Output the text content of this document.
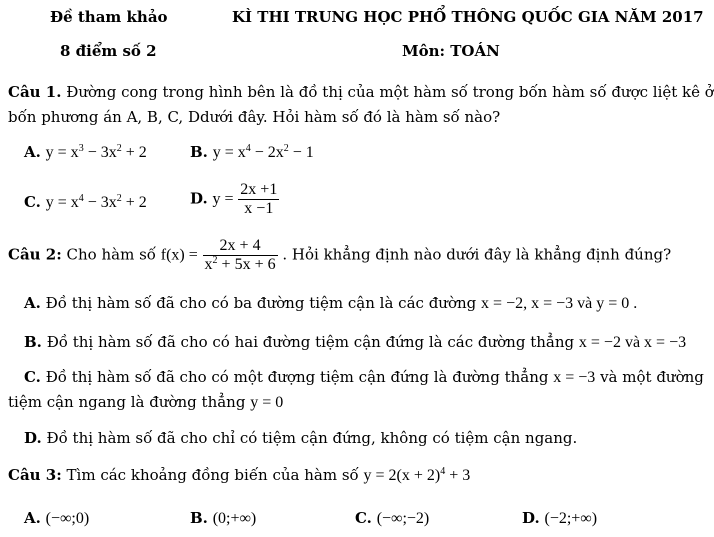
Đề tham khảo	KÌ THI TRUNG HỌC PHỔ THÔNG QUỐC GIA NĂM 2017
8 điểm số 2	Môn: TOÁN
Câu 1. Đường cong trong hình bên là đồ thị của một hàm số trong bốn hàm số được liệt kê ở
bốn phương án A, B, C, Ddưới đây. Hỏi hàm số đó là hàm số nào?
A. $y = x^3 - 3x^2 + 2$	B. $y = x^4 - 2x^2 - 1$
C. $y = x^4 - 3x^2 + 2$	D. $y = \frac{2x +1}{x -1}$
Câu 2: Cho hàm số $f(x) = \frac{2x + 4}{x^2 + 5x + 6}$ . Hỏi khẳng định nào dưới đây là khẳng định đúng?
A. Đồ thị hàm số đã cho có ba đường tiệm cận là các đường x = −2, x = −3 và y = 0 .
B. Đồ thị hàm số đã cho có hai đường tiệm cận đứng là các đường thẳng x = −2 và x = −3
C. Đồ thị hàm số đã cho có một đượng tiệm cận đứng là đường thẳng x = −3 và một đường
tiệm cận ngang là đường thẳng y = 0
D. Đồ thị hàm số đã cho chỉ có tiệm cận đứng, không có tiệm cận ngang.
Câu 3: Tìm các khoảng đồng biến của hàm số $y = 2(x + 2)^4 + 3$
A. (−∞;0)	B. (0;+∞)	C. (−∞;−2)	D. (−2;+∞)
